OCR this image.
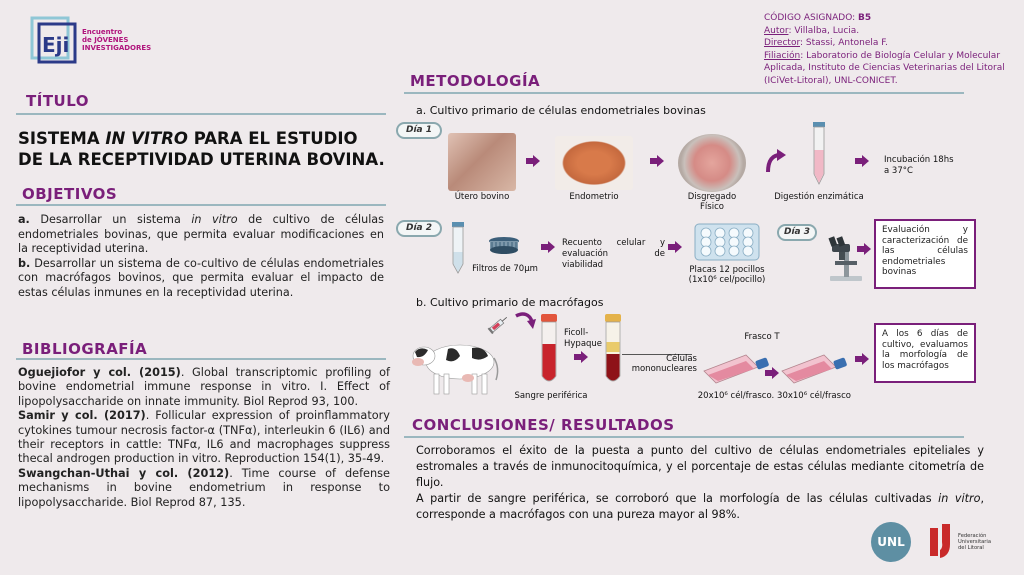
Eji
Encuentro
de JÓVENES
INVESTIGADORES
CÓDIGO ASIGNADO: B5
Autor: Villalba, Lucia.
Director: Stassi, Antonela F.
Filiación: Laboratorio de Biología Celular y Molecular Aplicada, Instituto de Ciencias Veterinarias del Litoral (ICiVet-Litoral), UNL-CONICET.
TÍTULO
SISTEMA IN VITRO PARA EL ESTUDIO
DE LA RECEPTIVIDAD UTERINA BOVINA.
OBJETIVOS
a. Desarrollar un sistema in vitro de cultivo de células endometriales bovinas, que permita evaluar modificaciones en la receptividad uterina.
b. Desarrollar un sistema de co-cultivo de células endometriales con macrófagos bovinos, que permita evaluar el impacto de estas células inmunes en la receptividad uterina.
BIBLIOGRAFÍA
Oguejiofor y col. (2015). Global transcriptomic profiling of bovine endometrial immune response in vitro. I. Effect of lipopolysaccharide on innate immunity. Biol Reprod 93, 100.
Samir y col. (2017). Follicular expression of proinflammatory cytokines tumour necrosis factor-α (TNFα), interleukin 6 (IL6) and their receptors in cattle: TNFα, IL6 and macrophages suppress thecal androgen production in vitro. Reproduction 154(1), 35-49.
Swangchan-Uthai y col. (2012). Time course of defense mechanisms in bovine endometrium in response to lipopolysaccharide. Biol Reprod 87, 135.
METODOLOGÍA
a. Cultivo primario de células endometriales bovinas
Día 1
Útero bovino	Endometrio	Disgregado Físico
Digestión enzimática
Incubación 18hs a 37°C
Día 2
Filtros de 70µm
Recuento celular y evaluación de viabilidad	Placas 12 pocillos (1x10⁶ cel/pocillo)
Día 3	Evaluación y caracterización de las células endometriales bovinas
b. Cultivo primario de macrófagos
Sangre periférica
Ficoll-Hypaque
Células mononucleares
Frasco T
20x10⁶ cél/frasco. 30x10⁶ cél/frasco
A los 6 días de cultivo, evaluamos la morfología de los macrófagos
CONCLUSIONES/ RESULTADOS
Corroboramos el éxito de la puesta a punto del cultivo de células endometriales epiteliales y estromales a través de inmunocitoquímica, y el porcentaje de estas células mediante citometría de flujo.
A partir de sangre periférica, se corroboró que la morfología de las células cultivadas in vitro, corresponde a macrófagos con una pureza mayor al 98%.
UNL	Federación
Universitaria
del Litoral
